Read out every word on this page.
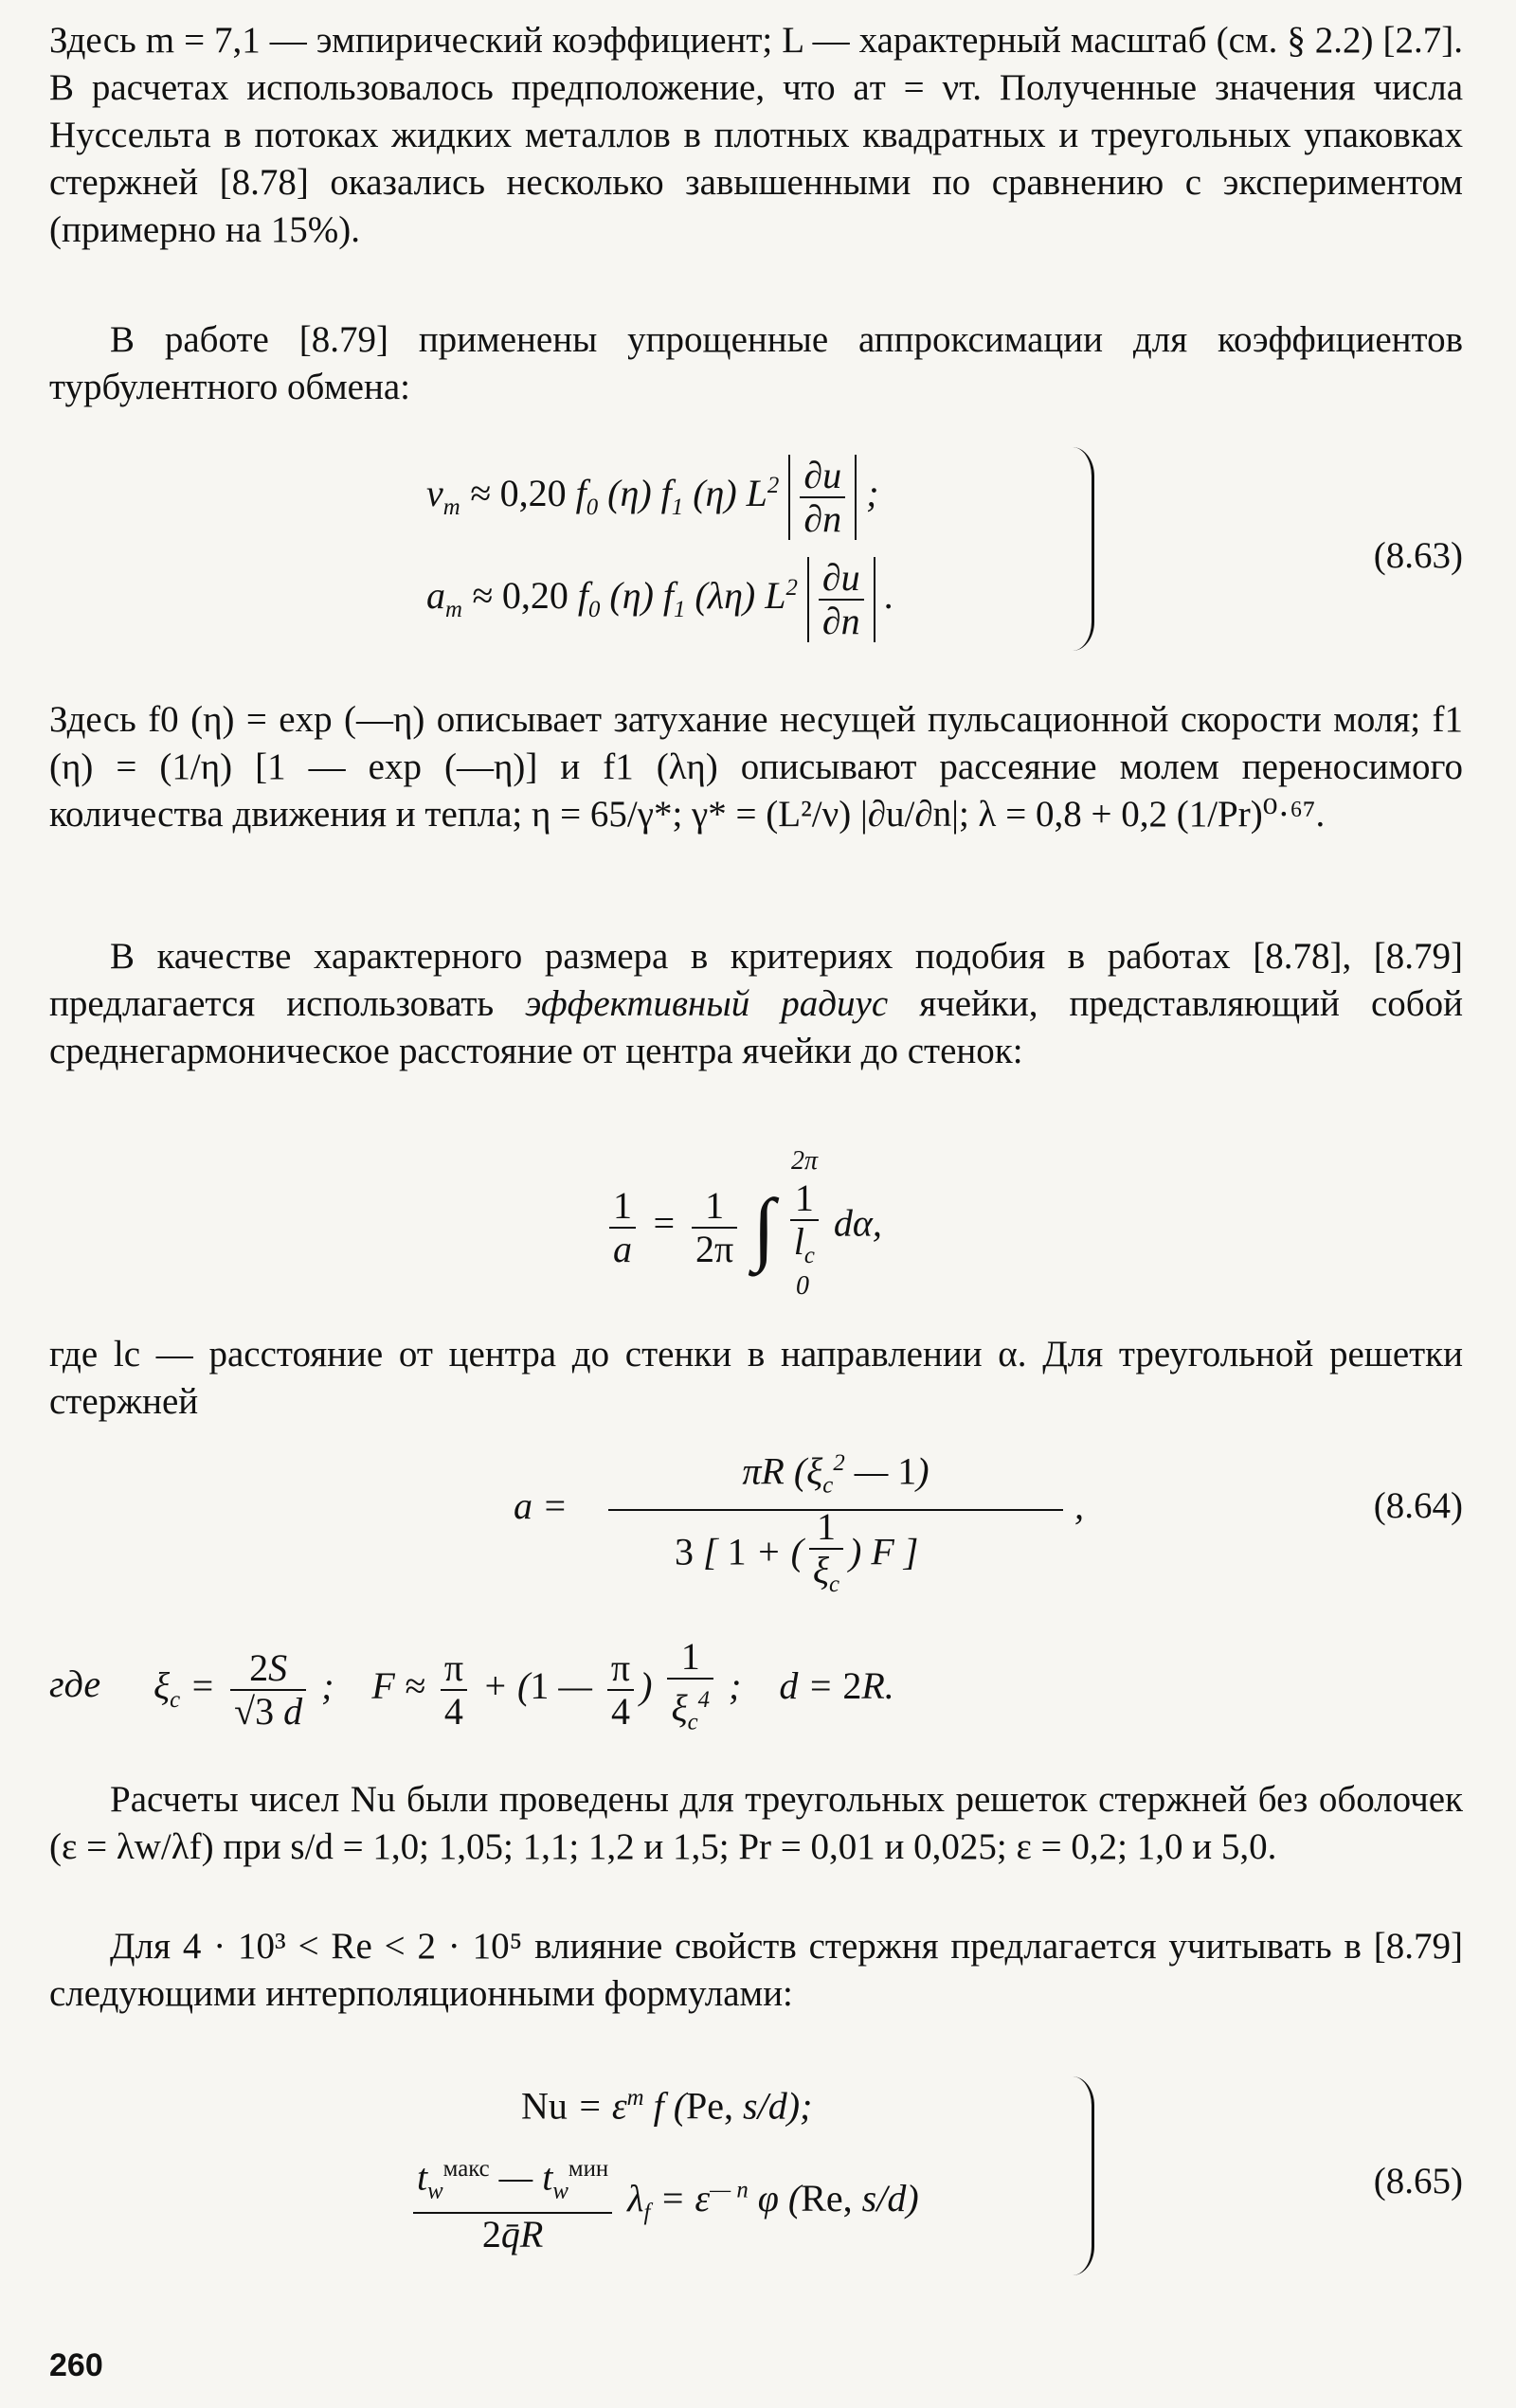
Здесь m = 7,1 — эмпирический коэффициент; L — характерный масштаб (см. § 2.2) [2.7]. В расчетах использовалось предположение, что aт = νт. Полученные значения числа Нуссельта в потоках жидких металлов в плотных квадратных и треугольных упаковках стержней [8.78] оказались несколько завышенными по сравнению с экспериментом (примерно на 15%).

В работе [8.79] применены упрощенные аппроксимации для коэффициентов турбулентного обмена:

$\nu_т \approx 0,20$ $f_0$ (η) $f_1$ (η) $L^2 \frac{\partial u}{\partial n}$ ;
$a_т \approx 0,20$ $f_0$ (η) $f_1$ (λη) $L^2 \frac{\partial u}{\partial n}$ .
(8.63)

Здесь f0 (η) = exp (—η) описывает затухание несущей пульсационной скорости моля; f1 (η) = (1/η) [1 — exp (—η)] и f1 (λη) описывают рассеяние молем переносимого количества движения и тепла; η = 65/γ*; γ* = (L²/ν) |∂u/∂n|; λ = 0,8 + 0,2 (1/Pr)⁰·⁶⁷.

В качестве характерного размера в критериях подобия в работах [8.78], [8.79] предлагается использовать эффективный радиус ячейки, представляющий собой среднегармоническое расстояние от центра ячейки до стенок:

$\frac{1}{a} = \frac{1}{2\pi}$ ∫ $\frac{1}{l_c} d\alpha$,
2π
0

где lc — расстояние от центра до стенки в направлении α. Для треугольной решетки стержней

a =
πR ($\xi_c^2$ — 1)
3 [ 1 + ( $\frac{1}{\xi_c}$ ) F ]
,	(8.64)
где $\xi_c = \frac{2S}{√3 d}$ ;    $F \approx \frac{\pi}{4} + (1$ — $\frac{\pi}{4}$ ) $\frac{1}{\xi_c^4}$ ;    d = 2R.

Расчеты чисел Nu были проведены для треугольных решеток стержней без оболочек (ε = λw/λf) при s/d = 1,0; 1,05; 1,1; 1,2 и 1,5; Pr = 0,01 и 0,025; ε = 0,2; 1,0 и 5,0.

Для 4 · 10³ < Re < 2 · 10⁵ влияние свойств стержня предлагается учитывать в [8.79] следующими интерполяционными формулами:

$Nu = \varepsilon^m$ f (Pe, s/d);
$\frac{t_w^{макс} — t_w^{мин}}{2q̄R} \lambda_f = \varepsilon^{— n}$ φ (Re, s/d)	(8.65)
260
